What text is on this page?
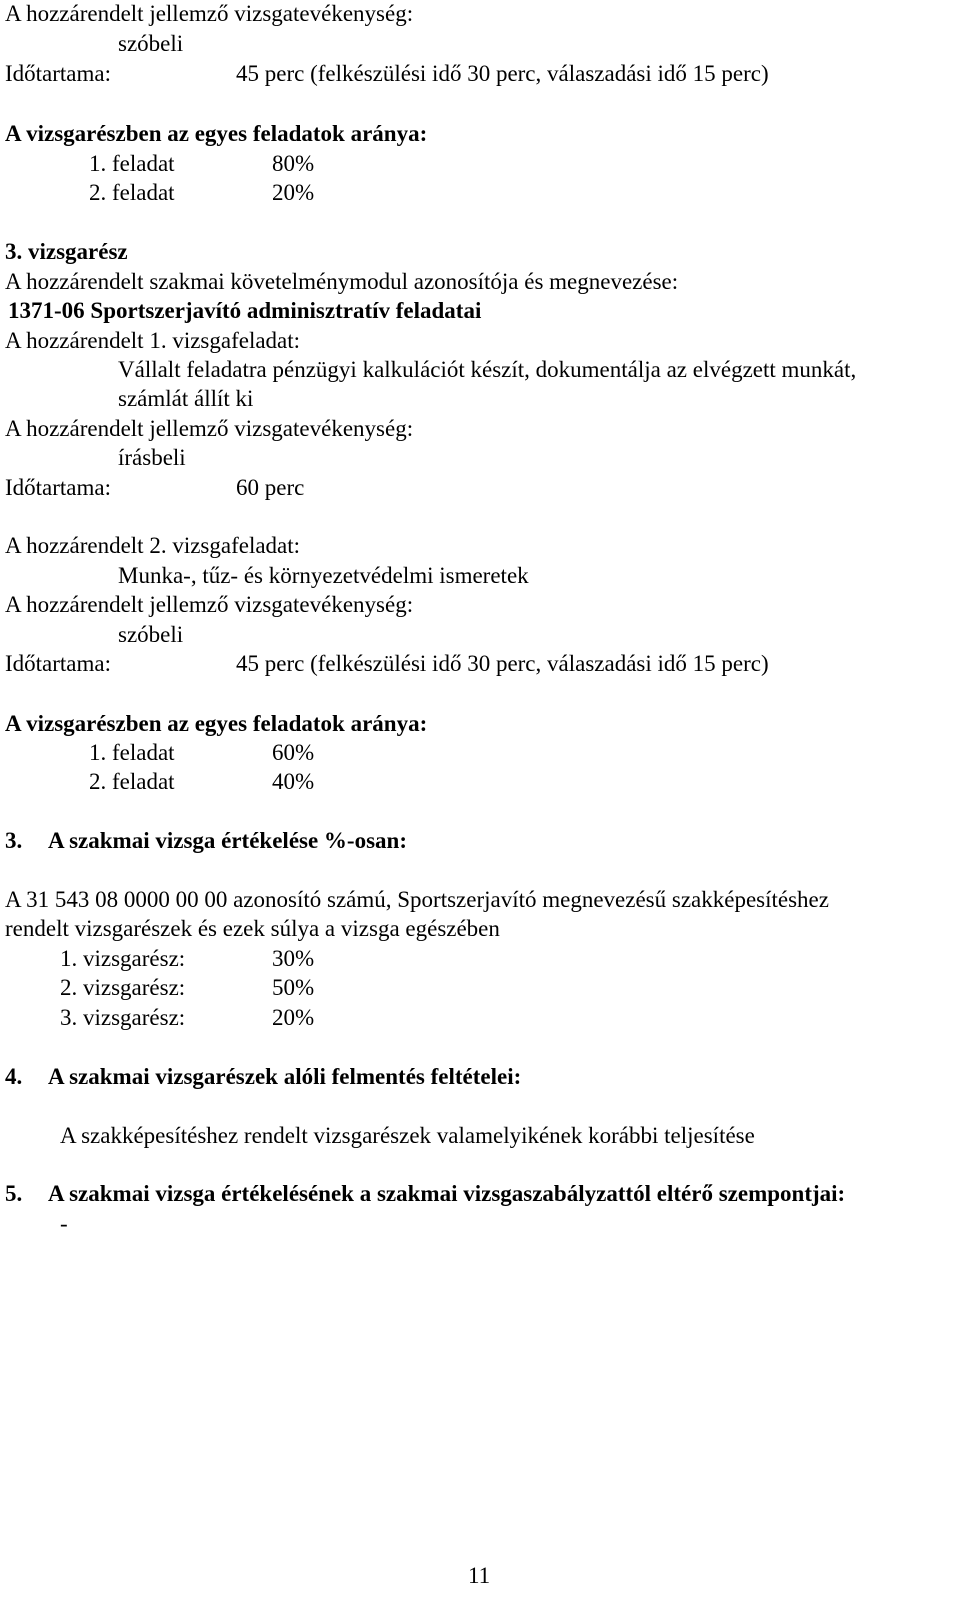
A hozzárendelt jellemző vizsgatevékenység:
szóbeli
Időtartama:	45 perc (felkészülési idő 30 perc, válaszadási idő 15 perc)
A vizsgarészben az egyes feladatok aránya:
1. feladat	80%
2. feladat	20%
3. vizsgarész
A hozzárendelt szakmai követelménymodul azonosítója és megnevezése:
1371-06 Sportszerjavító adminisztratív feladatai
A hozzárendelt 1. vizsgafeladat:
Vállalt feladatra pénzügyi kalkulációt készít, dokumentálja az elvégzett munkát,
számlát állít ki
A hozzárendelt jellemző vizsgatevékenység:
írásbeli
Időtartama:	60 perc
A hozzárendelt 2. vizsgafeladat:
Munka-, tűz- és környezetvédelmi ismeretek
A hozzárendelt jellemző vizsgatevékenység:
szóbeli
Időtartama:	45 perc (felkészülési idő 30 perc, válaszadási idő 15 perc)
A vizsgarészben az egyes feladatok aránya:
1. feladat	60%
2. feladat	40%
3. A szakmai vizsga értékelése %-osan:
A 31 543 08 0000 00 00 azonosító számú, Sportszerjavító megnevezésű szakképesítéshez
rendelt vizsgarészek és ezek súlya a vizsga egészében
1. vizsgarész:	30%
2. vizsgarész:	50%
3. vizsgarész:	20%
4. A szakmai vizsgarészek alóli felmentés feltételei:
A szakképesítéshez rendelt vizsgarészek valamelyikének korábbi teljesítése
5. A szakmai vizsga értékelésének a szakmai vizsgaszabályzattól eltérő szempontjai:
-
11
